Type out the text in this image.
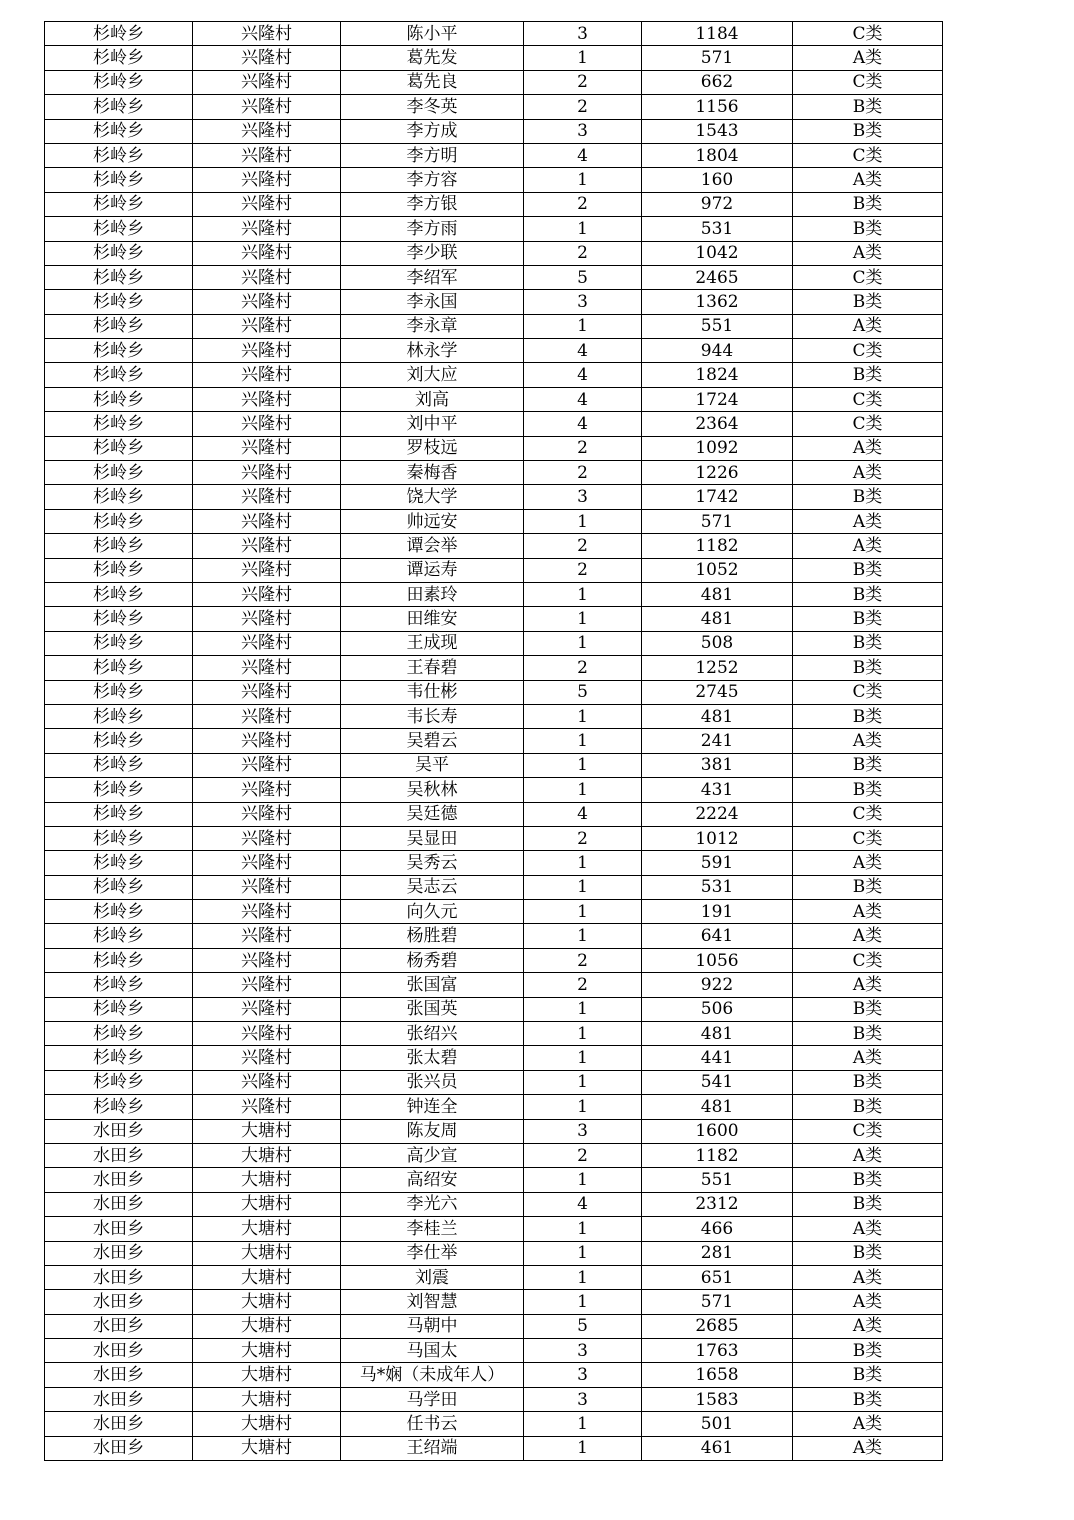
杉岭乡	兴隆村	陈小平	3	1184	C类
杉岭乡	兴隆村	葛先发	1	571	A类
杉岭乡	兴隆村	葛先良	2	662	C类
杉岭乡	兴隆村	李冬英	2	1156	B类
杉岭乡	兴隆村	李方成	3	1543	B类
杉岭乡	兴隆村	李方明	4	1804	C类
杉岭乡	兴隆村	李方容	1	160	A类
杉岭乡	兴隆村	李方银	2	972	B类
杉岭乡	兴隆村	李方雨	1	531	B类
杉岭乡	兴隆村	李少联	2	1042	A类
杉岭乡	兴隆村	李绍军	5	2465	C类
杉岭乡	兴隆村	李永国	3	1362	B类
杉岭乡	兴隆村	李永章	1	551	A类
杉岭乡	兴隆村	林永学	4	944	C类
杉岭乡	兴隆村	刘大应	4	1824	B类
杉岭乡	兴隆村	刘高	4	1724	C类
杉岭乡	兴隆村	刘中平	4	2364	C类
杉岭乡	兴隆村	罗枝远	2	1092	A类
杉岭乡	兴隆村	秦梅香	2	1226	A类
杉岭乡	兴隆村	饶大学	3	1742	B类
杉岭乡	兴隆村	帅远安	1	571	A类
杉岭乡	兴隆村	谭会举	2	1182	A类
杉岭乡	兴隆村	谭运寿	2	1052	B类
杉岭乡	兴隆村	田素玲	1	481	B类
杉岭乡	兴隆村	田维安	1	481	B类
杉岭乡	兴隆村	王成现	1	508	B类
杉岭乡	兴隆村	王春碧	2	1252	B类
杉岭乡	兴隆村	韦仕彬	5	2745	C类
杉岭乡	兴隆村	韦长寿	1	481	B类
杉岭乡	兴隆村	吴碧云	1	241	A类
杉岭乡	兴隆村	吴平	1	381	B类
杉岭乡	兴隆村	吴秋林	1	431	B类
杉岭乡	兴隆村	吴廷德	4	2224	C类
杉岭乡	兴隆村	吴显田	2	1012	C类
杉岭乡	兴隆村	吴秀云	1	591	A类
杉岭乡	兴隆村	吴志云	1	531	B类
杉岭乡	兴隆村	向久元	1	191	A类
杉岭乡	兴隆村	杨胜碧	1	641	A类
杉岭乡	兴隆村	杨秀碧	2	1056	C类
杉岭乡	兴隆村	张国富	2	922	A类
杉岭乡	兴隆村	张国英	1	506	B类
杉岭乡	兴隆村	张绍兴	1	481	B类
杉岭乡	兴隆村	张太碧	1	441	A类
杉岭乡	兴隆村	张兴员	1	541	B类
杉岭乡	兴隆村	钟连全	1	481	B类
水田乡	大塘村	陈友周	3	1600	C类
水田乡	大塘村	高少宣	2	1182	A类
水田乡	大塘村	高绍安	1	551	B类
水田乡	大塘村	李光六	4	2312	B类
水田乡	大塘村	李桂兰	1	466	A类
水田乡	大塘村	李仕举	1	281	B类
水田乡	大塘村	刘震	1	651	A类
水田乡	大塘村	刘智慧	1	571	A类
水田乡	大塘村	马朝中	5	2685	A类
水田乡	大塘村	马国太	3	1763	B类
水田乡	大塘村	马*娴（未成年人）	3	1658	B类
水田乡	大塘村	马学田	3	1583	B类
水田乡	大塘村	任书云	1	501	A类
水田乡	大塘村	王绍端	1	461	A类
